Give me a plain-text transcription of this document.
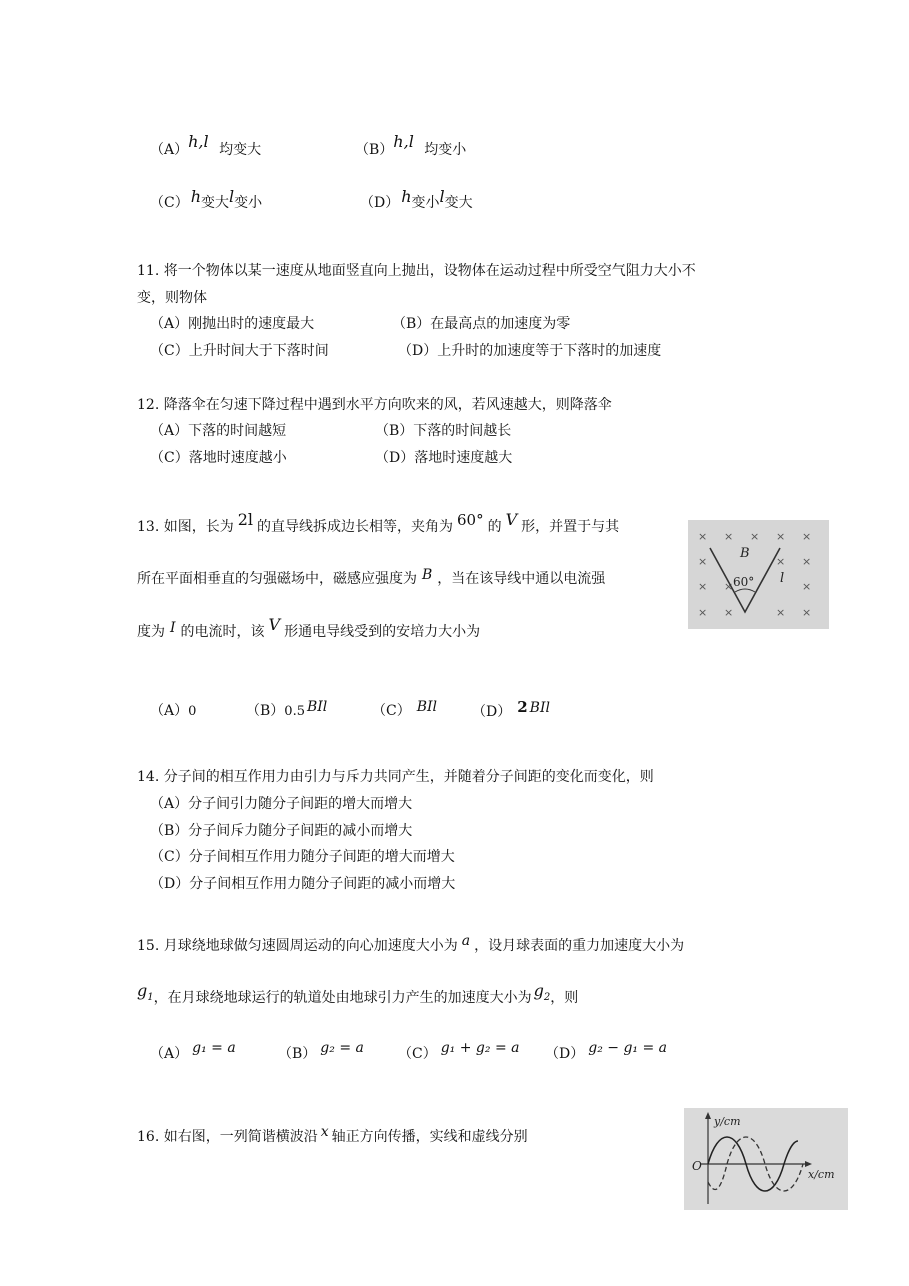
（A）h,l 均变大	（B）h,l 均变小
（C） h变大l变小	（D） h变小l变大
11. 将一个物体以某一速度从地面竖直向上抛出，设物体在运动过程中所受空气阻力大小不
变，则物体
（A）刚抛出时的速度最大	（B）在最高点的加速度为零
（C）上升时间大于下落时间	（D）上升时的加速度等于下落时的加速度
12. 降落伞在匀速下降过程中遇到水平方向吹来的风，若风速越大，则降落伞
（A）下落的时间越短	（B）下落的时间越长
（C）落地时速度越小	（D）落地时速度越大
13. 如图，长为 2l 的直导线拆成边长相等，夹角为 60° 的 V 形，并置于与其
所在平面相垂直的匀强磁场中，磁感应强度为 B ，当在该导线中通以电流强
度为 I 的电流时，该 V 形通电导线受到的安培力大小为
× × × × ×
×	×
×
× ×	×
× ×	× ×
B
60° l
（A）0	（B）0.5 BIl	（C） BIl （D） 2 BIl
14. 分子间的相互作用力由引力与斥力共同产生，并随着分子间距的变化而变化，则
（A）分子间引力随分子间距的增大而增大
（B）分子间斥力随分子间距的减小而增大
（C）分子间相互作用力随分子间距的增大而增大
（D）分子间相互作用力随分子间距的减小而增大
15. 月球绕地球做匀速圆周运动的向心加速度大小为 a ，设月球表面的重力加速度大小为
$g_1$，在月球绕地球运行的轨道处由地球引力产生的加速度大小为 $g_2$，则
（A） g₁ = a	（B） g₂ = a （C） g₁ + g₂ = a （D） g₂ − g₁ = a
16. 如右图，一列简谐横波沿 x 轴正方向传播，实线和虚线分别
y/cm
x/cm
O
